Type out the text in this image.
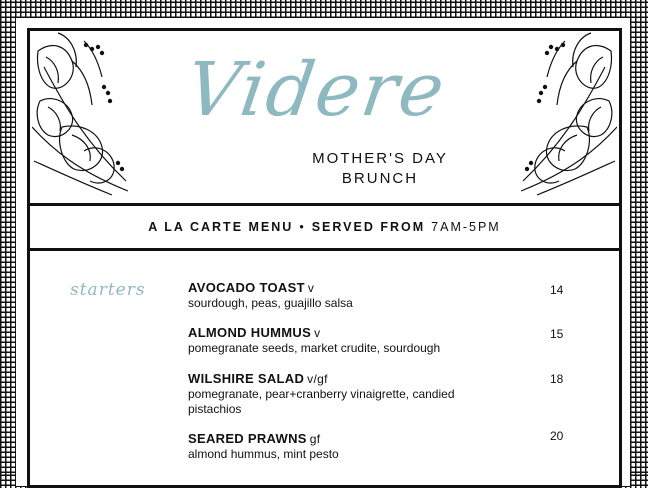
Videre
MOTHER'S DAY
BRUNCH
A LA CARTE MENU • SERVED FROM 7AM-5PM
starters	AVOCADO TOAST v
sourdough, peas, guajillo salsa
14
ALMOND HUMMUS v
pomegranate seeds, market crudite, sourdough
15
WILSHIRE SALAD v/gf
pomegranate, pear+cranberry vinaigrette, candied pistachios
18
SEARED PRAWNS gf
almond hummus, mint pesto
20
